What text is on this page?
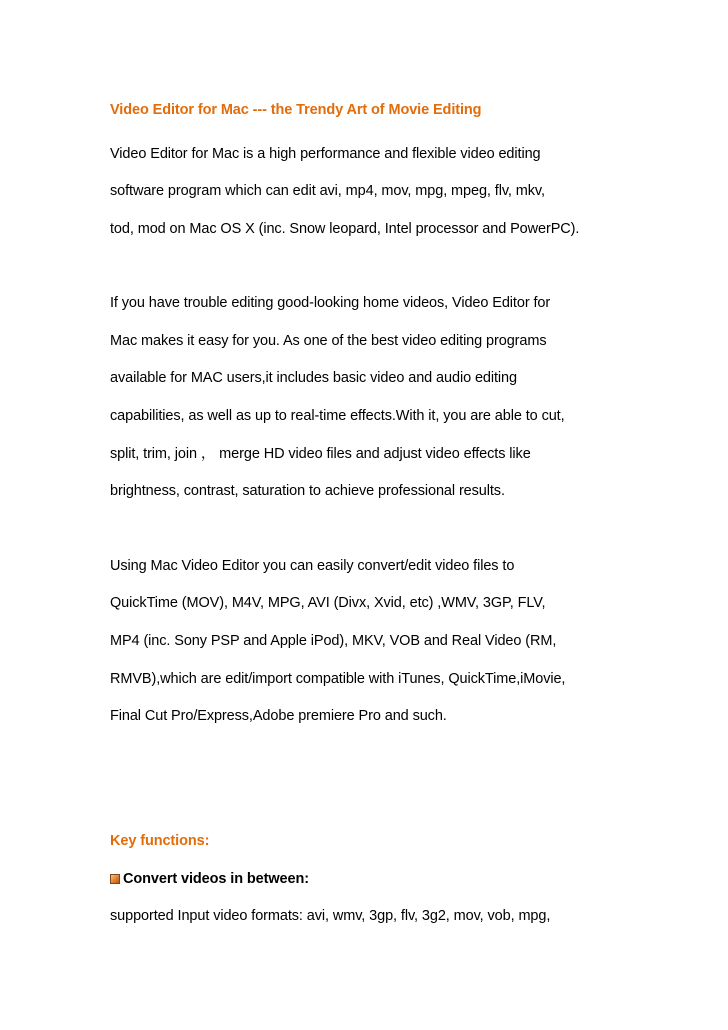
Video Editor for Mac --- the Trendy Art of Movie Editing
Video Editor for Mac is a high performance and flexible video editing
software program which can edit avi, mp4, mov, mpg, mpeg, flv, mkv,
tod, mod on Mac OS X (inc. Snow leopard, Intel processor and PowerPC).
If you have trouble editing good-looking home videos, Video Editor for
Mac makes it easy for you. As one of the best video editing programs
available for MAC users,it includes basic video and audio editing
capabilities, as well as up to real-time effects.With it, you are able to cut,
split, trim, join ， merge HD video files and adjust video effects like
brightness, contrast, saturation to achieve professional results.
Using Mac Video Editor you can easily convert/edit video files to
QuickTime (MOV), M4V, MPG, AVI (Divx, Xvid, etc) ,WMV, 3GP, FLV,
MP4 (inc. Sony PSP and Apple iPod), MKV, VOB and Real Video (RM,
RMVB),which are edit/import compatible with iTunes, QuickTime,iMovie,
Final Cut Pro/Express,Adobe premiere Pro and such.
Key functions:
Convert videos in between:
supported Input video formats: avi, wmv, 3gp, flv, 3g2, mov, vob, mpg,
